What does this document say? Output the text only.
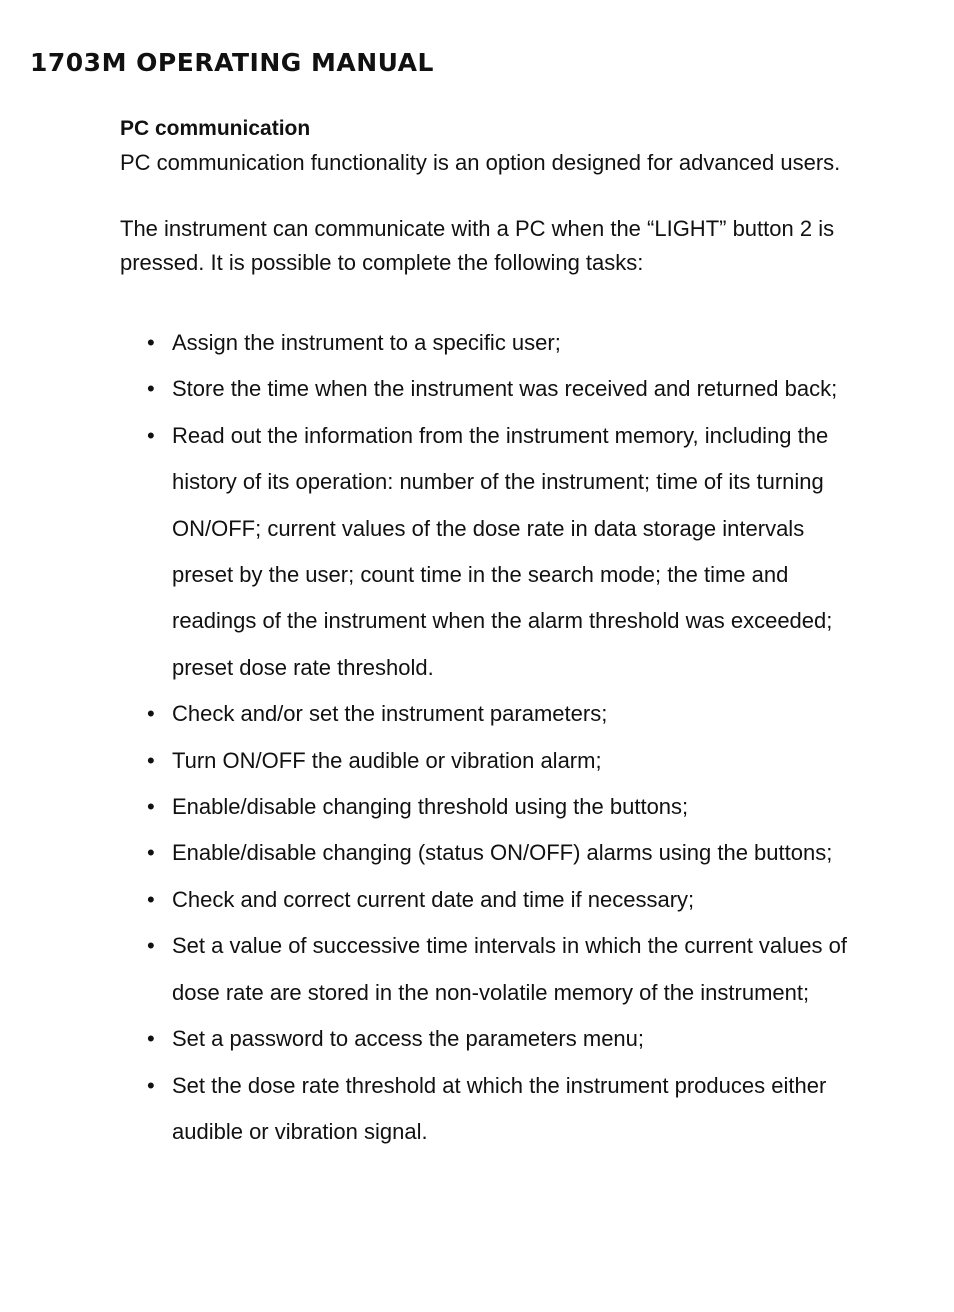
1703M OPERATING MANUAL
PC communication

PC communication functionality is an option designed for advanced users.

The instrument can communicate with a PC when the “LIGHT” button 2 is pressed. It is possible to complete the following tasks:

• Assign the instrument to a specific user;
• Store the time when the instrument was received and returned back;
• Read out the information from the instrument memory, including the history of its operation: number of the instrument; time of its turning ON/OFF; current values of the dose rate in data storage intervals preset by the user; count time in the search mode; the time and readings of the instrument when the alarm threshold was exceeded; preset dose rate threshold.
• Check and/or set the instrument parameters;
• Turn ON/OFF the audible or vibration alarm;
• Enable/disable changing threshold using the buttons;
• Enable/disable changing (status ON/OFF) alarms using the buttons;
• Check and correct current date and time if necessary;
• Set a value of successive time intervals in which the current values of dose rate are stored in the non-volatile memory of the instrument;
• Set a password to access the parameters menu;
• Set the dose rate threshold at which the instrument produces either audible or vibration signal.
